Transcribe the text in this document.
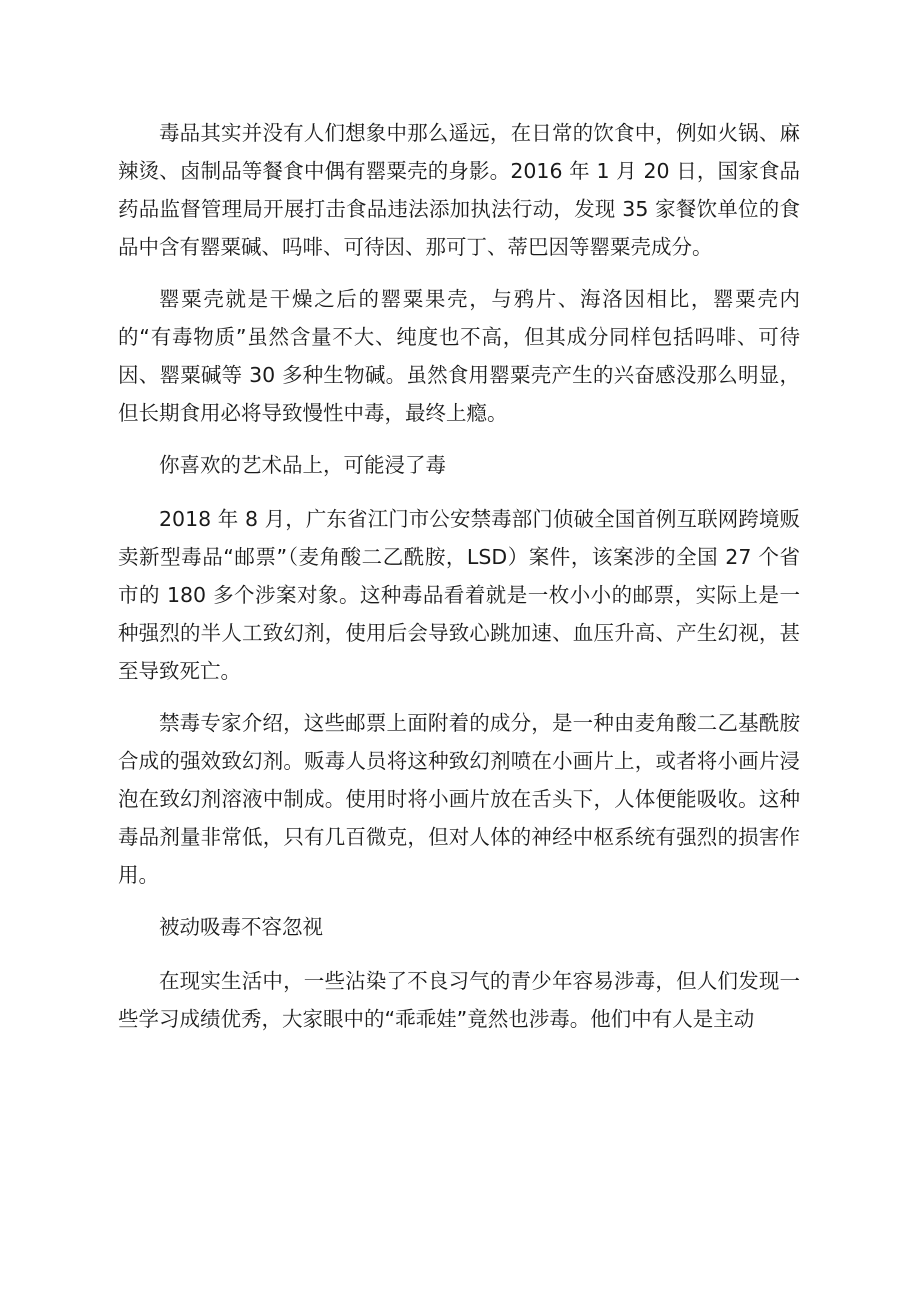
毒品其实并没有人们想象中那么遥远，在日常的饮食中，例如火锅、麻辣烫、卤制品等餐食中偶有罂粟壳的身影。2016 年 1 月 20 日，国家食品药品监督管理局开展打击食品违法添加执法行动，发现 35 家餐饮单位的食品中含有罂粟碱、吗啡、可待因、那可丁、蒂巴因等罂粟壳成分。

罂粟壳就是干燥之后的罂粟果壳，与鸦片、海洛因相比，罂粟壳内的“有毒物质”虽然含量不大、纯度也不高，但其成分同样包括吗啡、可待因、罂粟碱等 30 多种生物碱。虽然食用罂粟壳产生的兴奋感没那么明显，但长期食用必将导致慢性中毒，最终上瘾。

你喜欢的艺术品上，可能浸了毒

2018 年 8 月，广东省江门市公安禁毒部门侦破全国首例互联网跨境贩卖新型毒品“邮票”（麦角酸二乙酰胺，LSD）案件，该案涉的全国 27 个省市的 180 多个涉案对象。这种毒品看着就是一枚小小的邮票，实际上是一种强烈的半人工致幻剂，使用后会导致心跳加速、血压升高、产生幻视，甚至导致死亡。

禁毒专家介绍，这些邮票上面附着的成分，是一种由麦角酸二乙基酰胺合成的强效致幻剂。贩毒人员将这种致幻剂喷在小画片上，或者将小画片浸泡在致幻剂溶液中制成。使用时将小画片放在舌头下，人体便能吸收。这种毒品剂量非常低，只有几百微克，但对人体的神经中枢系统有强烈的损害作用。

被动吸毒不容忽视

在现实生活中，一些沾染了不良习气的青少年容易涉毒，但人们发现一些学习成绩优秀，大家眼中的“乖乖娃”竟然也涉毒。他们中有人是主动
